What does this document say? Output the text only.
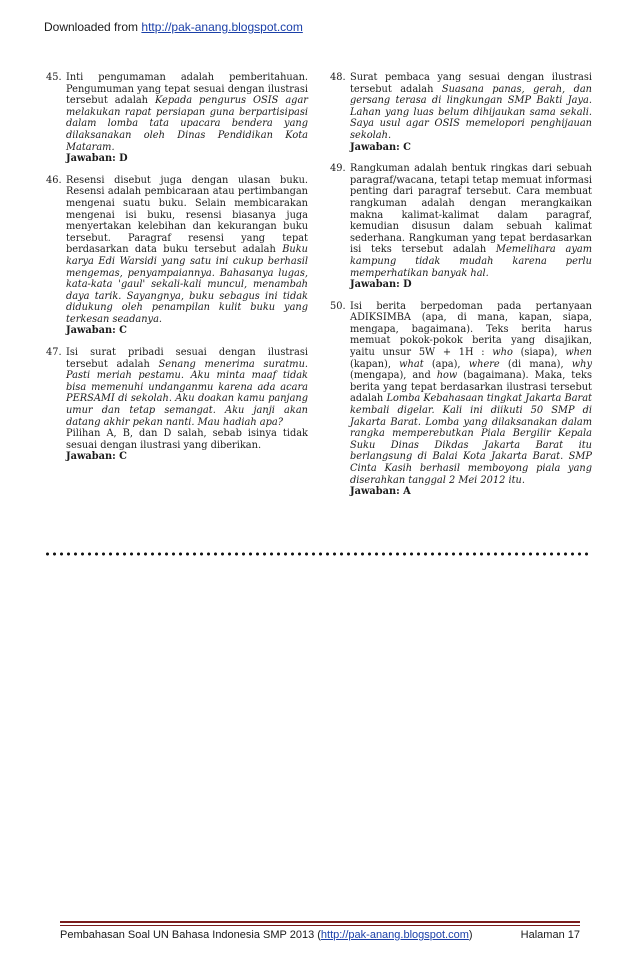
Downloaded from http://pak-anang.blogspot.com
45. Inti pengumaman adalah pemberitahuan. Pengumuman yang tepat sesuai dengan ilustrasi tersebut adalah Kepada pengurus OSIS agar melakukan rapat persiapan guna berpartisipasi dalam lomba tata upacara bendera yang dilaksanakan oleh Dinas Pendidikan Kota Mataram.
Jawaban: D
46. Resensi disebut juga dengan ulasan buku. Resensi adalah pembicaraan atau pertimbangan mengenai suatu buku. Selain membicarakan mengenai isi buku, resensi biasanya juga menyertakan kelebihan dan kekurangan buku tersebut. Paragraf resensi yang tepat berdasarkan data buku tersebut adalah Buku karya Edi Warsidi yang satu ini cukup berhasil mengemas, penyampaiannya. Bahasanya lugas, kata-kata 'gaul' sekali-kali muncul, menambah daya tarik. Sayangnya, buku sebagus ini tidak didukung oleh penampilan kulit buku yang terkesan seadanya.
Jawaban: C
47. Isi surat pribadi sesuai dengan ilustrasi tersebut adalah Senang menerima suratmu. Pasti meriah pestamu. Aku minta maaf tidak bisa memenuhi undanganmu karena ada acara PERSAMI di sekolah. Aku doakan kamu panjang umur dan tetap semangat. Aku janji akan datang akhir pekan nanti. Mau hadiah apa?
Pilihan A, B, dan D salah, sebab isinya tidak sesuai dengan ilustrasi yang diberikan.
Jawaban: C
48. Surat pembaca yang sesuai dengan ilustrasi tersebut adalah Suasana panas, gerah, dan gersang terasa di lingkungan SMP Bakti Jaya. Lahan yang luas belum dihijaukan sama sekali. Saya usul agar OSIS memelopori penghijauan sekolah.
Jawaban: C
49. Rangkuman adalah bentuk ringkas dari sebuah paragraf/wacana, tetapi tetap memuat informasi penting dari paragraf tersebut. Cara membuat rangkuman adalah dengan merangkaikan makna kalimat-kalimat dalam paragraf, kemudian disusun dalam sebuah kalimat sederhana. Rangkuman yang tepat berdasarkan isi teks tersebut adalah Memelihara ayam kampung tidak mudah karena perlu memperhatikan banyak hal.
Jawaban: D
50. Isi berita berpedoman pada pertanyaan ADIKSIMBA (apa, di mana, kapan, siapa, mengapa, bagaimana). Teks berita harus memuat pokok-pokok berita yang disajikan, yaitu unsur 5W + 1H : who (siapa), when (kapan), what (apa), where (di mana), why (mengapa), and how (bagaimana). Maka, teks berita yang tepat berdasarkan ilustrasi tersebut adalah Lomba Kebahasaan tingkat Jakarta Barat kembali digelar. Kali ini diikuti 50 SMP di Jakarta Barat. Lomba yang dilaksanakan dalam rangka memperebutkan Piala Bergilir Kepala Suku Dinas Dikdas Jakarta Barat itu berlangsung di Balai Kota Jakarta Barat. SMP Cinta Kasih berhasil memboyong piala yang diserahkan tanggal 2 Mei 2012 itu.
Jawaban: A
Pembahasan Soal UN Bahasa Indonesia SMP 2013 (http://pak-anang.blogspot.com)	Halaman 17
